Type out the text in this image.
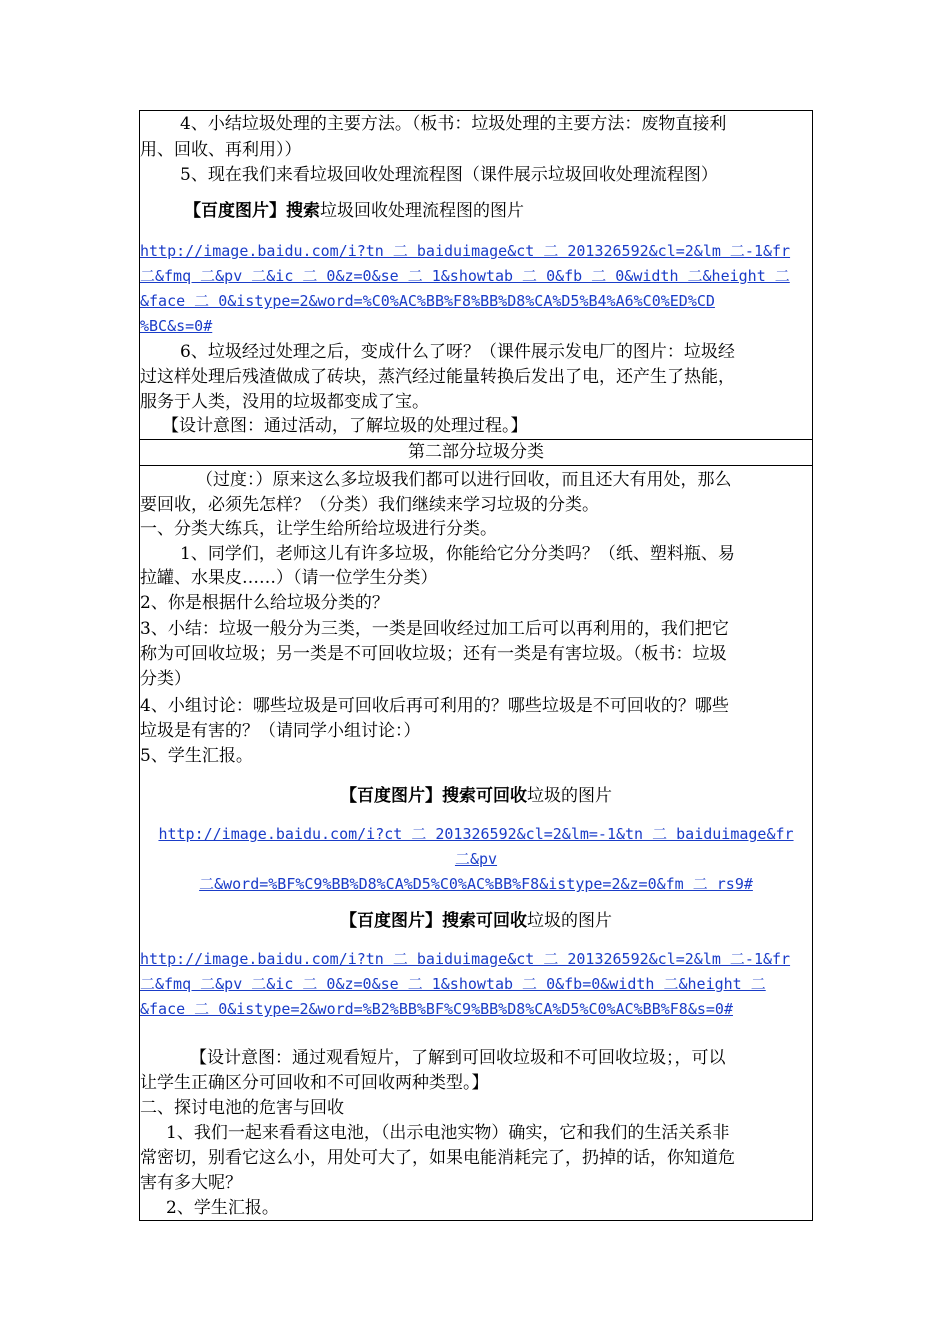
4、小结垃圾处理的主要方法。（板书：垃圾处理的主要方法：废物直接利
用、回收、再利用））
5、现在我们来看垃圾回收处理流程图（课件展示垃圾回收处理流程图）
【百度图片】搜索垃圾回收处理流程图的图片
http://image.baidu.com/i?tn 二 baiduimage&ct 二 201326592&cl=2&lm 二-1&fr
二&fmq 二&pv 二&ic 二 0&z=0&se 二 1&showtab 二 0&fb 二 0&width 二&height 二
&face 二 0&istype=2&word=%C0%AC%BB%F8%BB%D8%CA%D5%B4%A6%C0%ED%CD
%BC&s=0#
6、垃圾经过处理之后，变成什么了呀？（课件展示发电厂的图片：垃圾经
过这样处理后残渣做成了砖块，蒸汽经过能量转换后发出了电，还产生了热能，
服务于人类，没用的垃圾都变成了宝。
【设计意图：通过活动，了解垃圾的处理过程。】
第二部分垃圾分类
（过度：）原来这么多垃圾我们都可以进行回收，而且还大有用处，那么
要回收，必须先怎样？（分类）我们继续来学习垃圾的分类。
一、分类大练兵，让学生给所给垃圾进行分类。
1、同学们，老师这儿有许多垃圾，你能给它分分类吗？（纸、塑料瓶、易
拉罐、水果皮……）（请一位学生分类）
2、你是根据什么给垃圾分类的？
3、小结：垃圾一般分为三类，一类是回收经过加工后可以再利用的，我们把它
称为可回收垃圾；另一类是不可回收垃圾；还有一类是有害垃圾。（板书：垃圾
分类）
4、小组讨论：哪些垃圾是可回收后再可利用的？哪些垃圾是不可回收的？哪些
垃圾是有害的？（请同学小组讨论：）
5、学生汇报。
【百度图片】搜索可回收垃圾的图片
http://image.baidu.com/i?ct 二 201326592&cl=2&lm=-1&tn 二 baiduimage&fr
二&pv
二&word=%BF%C9%BB%D8%CA%D5%C0%AC%BB%F8&istype=2&z=0&fm 二 rs9#
【百度图片】搜索可回收垃圾的图片
http://image.baidu.com/i?tn 二 baiduimage&ct 二 201326592&cl=2&lm 二-1&fr
二&fmq 二&pv 二&ic 二 0&z=0&se 二 1&showtab 二 0&fb=0&width 二&height 二
&face 二 0&istype=2&word=%B2%BB%BF%C9%BB%D8%CA%D5%C0%AC%BB%F8&s=0#
【设计意图：通过观看短片，了解到可回收垃圾和不可回收垃圾；，可以
让学生正确区分可回收和不可回收两种类型。】
二、探讨电池的危害与回收
1、我们一起来看看这电池，（出示电池实物）确实，它和我们的生活关系非
常密切，别看它这么小，用处可大了，如果电能消耗完了，扔掉的话，你知道危
害有多大呢？
2、学生汇报。
